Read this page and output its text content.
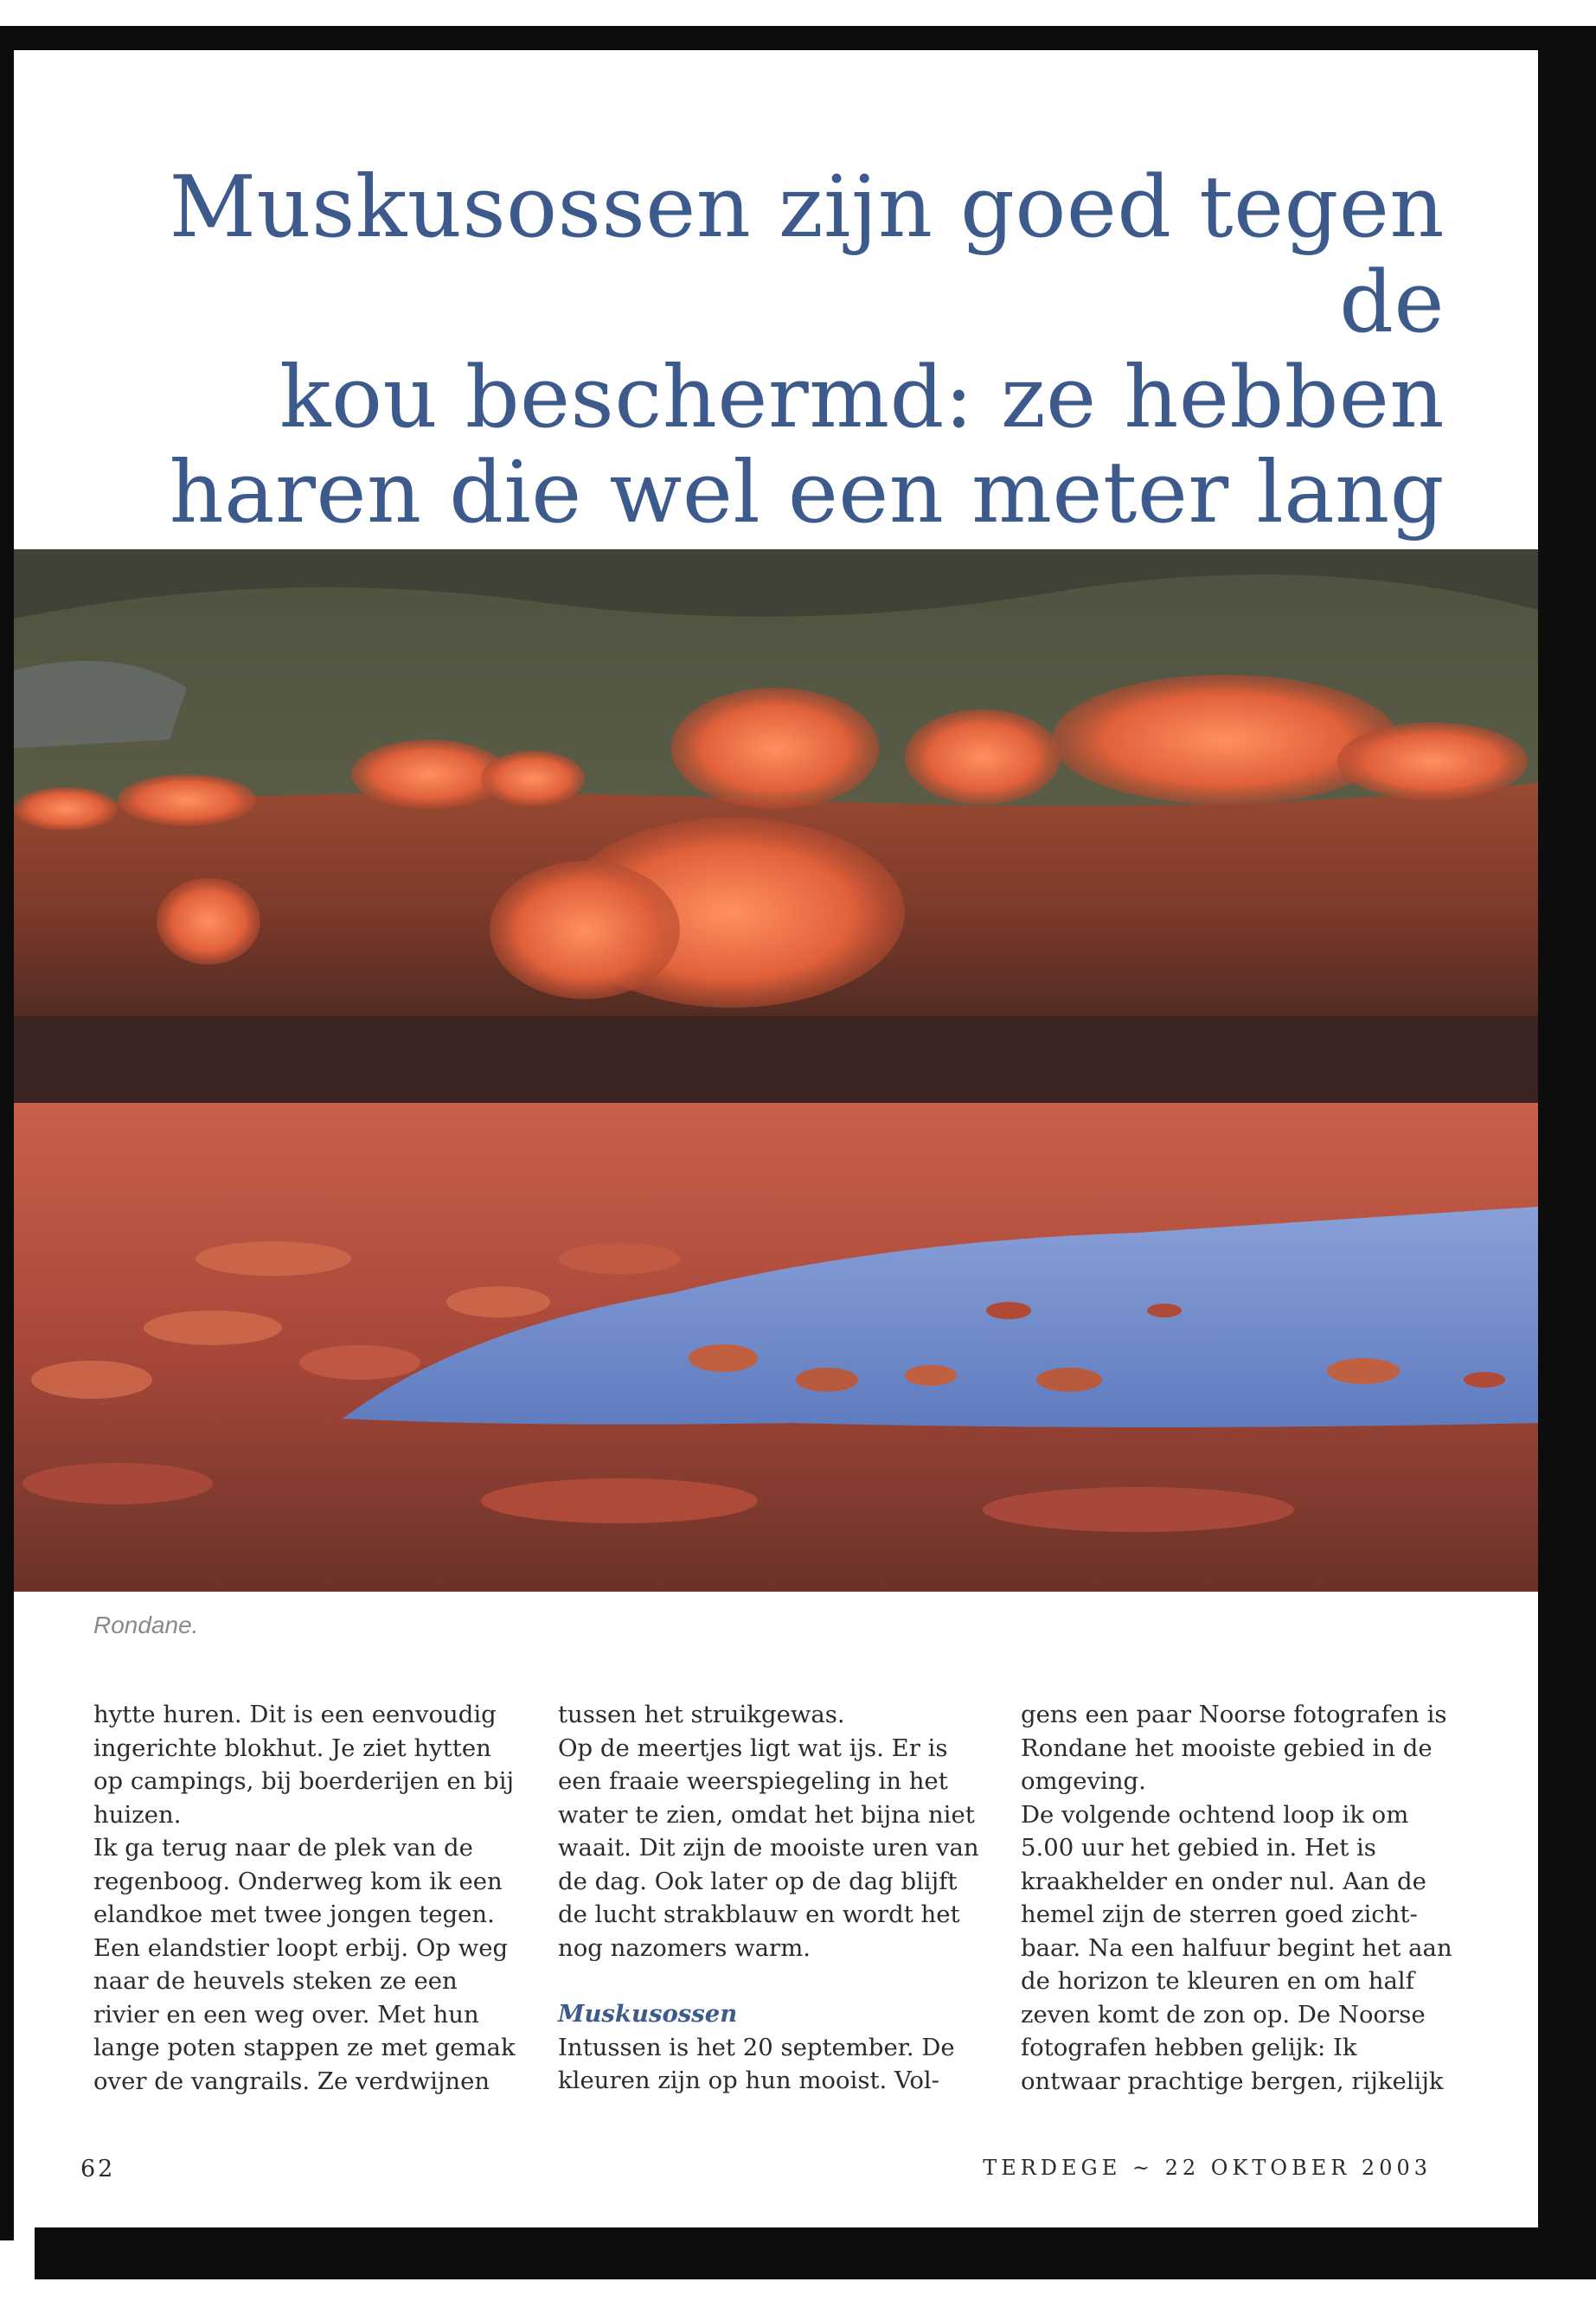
Muskusossen zijn goed tegen de
kou beschermd: ze hebben
haren die wel een meter lang

Rondane.

hytte huren. Dit is een eenvoudig ingerichte blokhut. Je ziet hytten op campings, bij boerderijen en bij huizen.

Ik ga terug naar de plek van de regenboog. Onderweg kom ik een elandkoe met twee jongen tegen. Een elandstier loopt erbij. Op weg naar de heuvels steken ze een rivier en een weg over. Met hun lange poten stappen ze met gemak over de vangrails. Ze verdwijnen

tussen het struikgewas.

Op de meertjes ligt wat ijs. Er is een fraaie weerspiegeling in het water te zien, omdat het bijna niet waait. Dit zijn de mooiste uren van de dag. Ook later op de dag blijft de lucht strakblauw en wordt het nog nazomers warm.

Muskusossen

Intussen is het 20 september. De kleuren zijn op hun mooist. Vol-

gens een paar Noorse fotografen is Rondane het mooiste gebied in de omgeving.

De volgende ochtend loop ik om 5.00 uur het gebied in. Het is kraakhelder en onder nul. Aan de hemel zijn de sterren goed zicht-baar. Na een halfuur begint het aan de horizon te kleuren en om half zeven komt de zon op. De Noorse fotografen hebben gelijk: Ik ontwaar prachtige bergen, rijkelijk

62	TERDEGE ~ 22 OKTOBER 2003
